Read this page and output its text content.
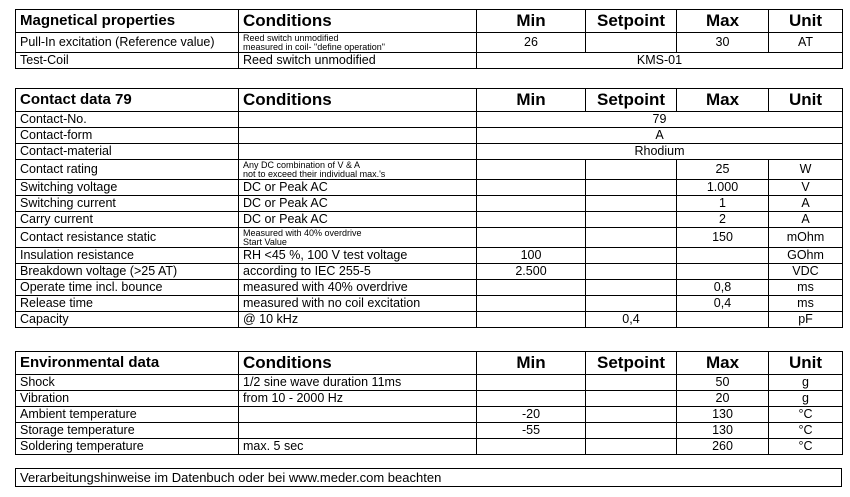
Magnetical properties	Conditions	Min	Setpoint	Max	Unit
Pull-In excitation (Reference value)	Reed switch unmodified
measured in coil- "define operation"	26		30	AT
Test-Coil	Reed switch unmodified	KMS-01			
Contact data 79	Conditions	Min	Setpoint	Max	Unit
Contact-No.		79			
Contact-form		A			
Contact-material		Rhodium			
Contact rating	Any DC combination of V & A
not to exceed their individual max.'s			25	W
Switching voltage	DC or Peak AC			1.000	V
Switching current	DC or Peak AC			1	A
Carry current	DC or Peak AC			2	A
Contact resistance static	Measured with 40% overdrive
Start Value			150	mOhm
Insulation resistance	RH <45 %, 100 V test voltage	100			GOhm
Breakdown voltage (>25 AT)	according to IEC 255-5	2.500			VDC
Operate time incl. bounce	measured with 40% overdrive			0,8	ms
Release time	measured with no coil excitation			0,4	ms
Capacity	@ 10 kHz		0,4		pF
Environmental data	Conditions	Min	Setpoint	Max	Unit
Shock	1/2 sine wave duration 11ms			50	g
Vibration	from 10 - 2000 Hz			20	g
Ambient temperature		-20		130	°C
Storage temperature		-55		130	°C
Soldering temperature	max. 5 sec			260	°C
Verarbeitungshinweise im Datenbuch oder bei www.meder.com beachten
